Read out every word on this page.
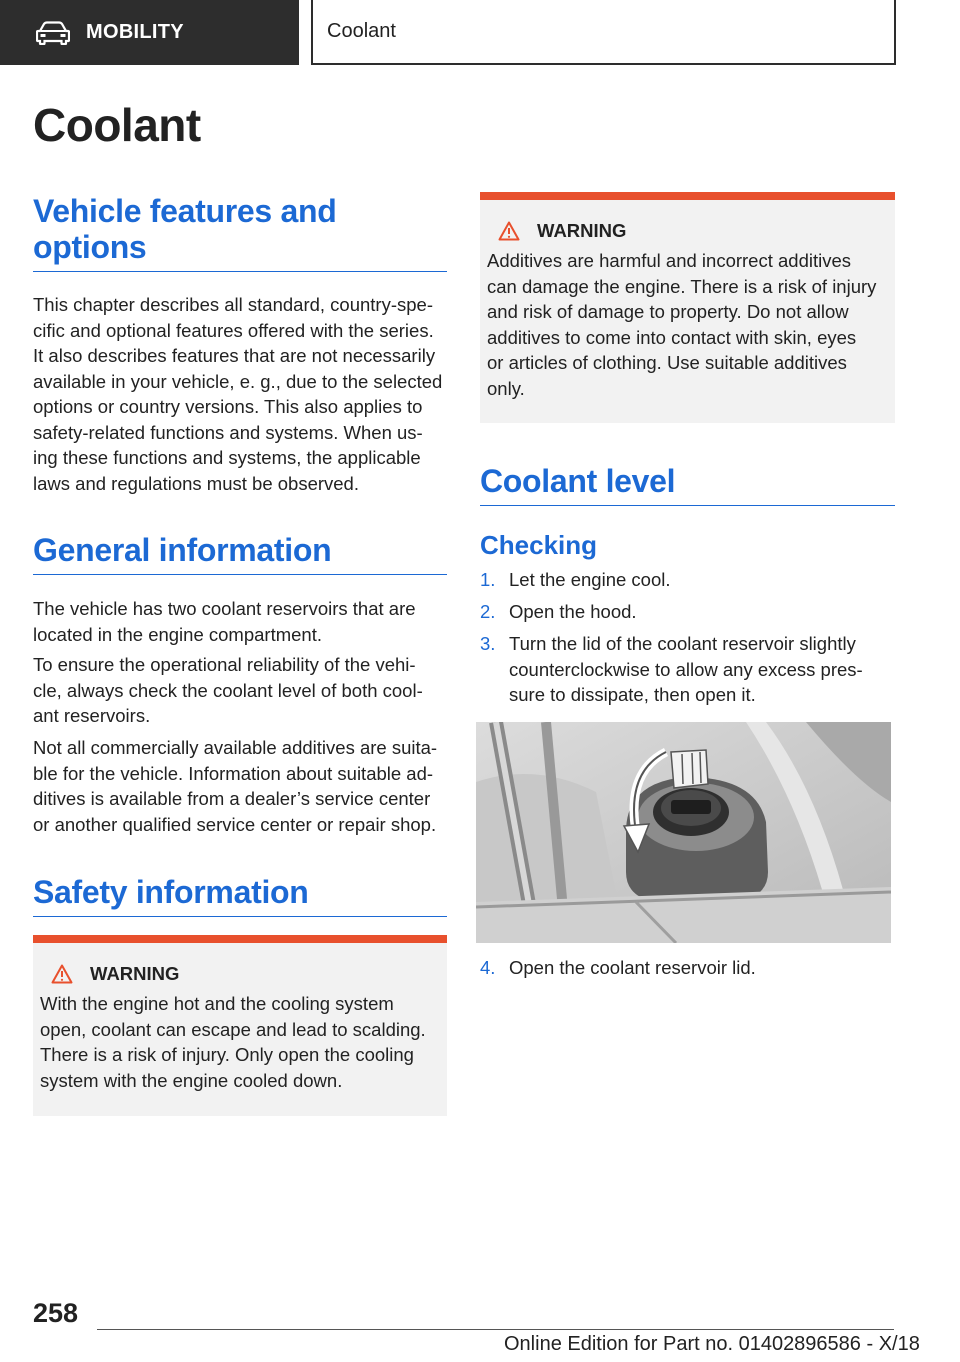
MOBILITY	Coolant
Coolant
Vehicle features and
options
This chapter describes all standard, country-spe‐
cific and optional features offered with the series.
It also describes features that are not necessarily
available in your vehicle, e. g., due to the selected
options or country versions. This also applies to
safety-related functions and systems. When us‐
ing these functions and systems, the applicable
laws and regulations must be observed.
General information
The vehicle has two coolant reservoirs that are
located in the engine compartment.
To ensure the operational reliability of the vehi‐
cle, always check the coolant level of both cool‐
ant reservoirs.
Not all commercially available additives are suita‐
ble for the vehicle. Information about suitable ad‐
ditives is available from a dealer’s service center
or another qualified service center or repair shop.
Safety information
WARNING
With the engine hot and the cooling system
open, coolant can escape and lead to scalding.
There is a risk of injury. Only open the cooling
system with the engine cooled down.
WARNING
Additives are harmful and incorrect additives
can damage the engine. There is a risk of injury
and risk of damage to property. Do not allow
additives to come into contact with skin, eyes
or articles of clothing. Use suitable additives
only.
Coolant level
Checking
1. Let the engine cool.
2. Open the hood.
3. Turn the lid of the coolant reservoir slightly
counterclockwise to allow any excess pres‐
sure to dissipate, then open it.
4. Open the coolant reservoir lid.
258
Online Edition for Part no. 01402896586 - X/18
